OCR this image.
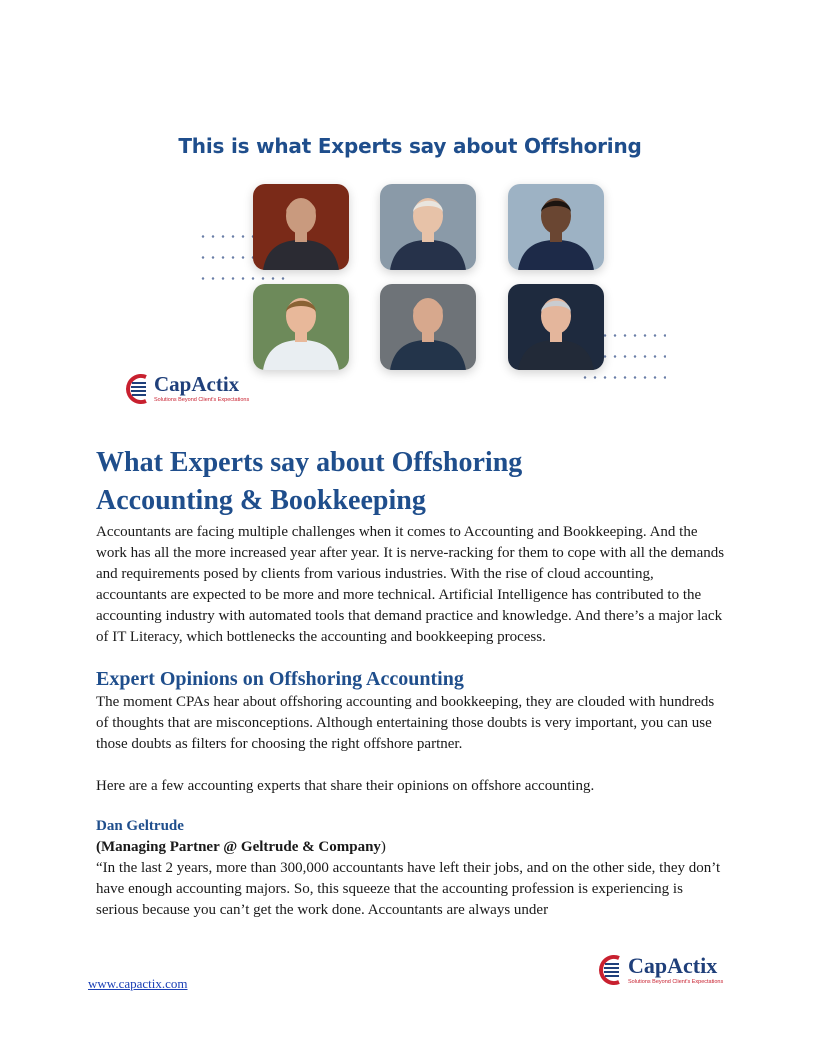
This is what Experts say about Offshoring
CapActix
Solutions Beyond Client's Expectations
What Experts say about Offshoring
Accounting & Bookkeeping

Accountants are facing multiple challenges when it comes to Accounting and Bookkeeping. And the work has all the more increased year after year. It is nerve-racking for them to cope with all the demands and requirements posed by clients from various industries. With the rise of cloud accounting, accountants are expected to be more and more technical. Artificial Intelligence has contributed to the accounting industry with automated tools that demand practice and knowledge. And there’s a major lack of IT Literacy, which bottlenecks the accounting and bookkeeping process.

Expert Opinions on Offshoring Accounting

The moment CPAs hear about offshoring accounting and bookkeeping, they are clouded with hundreds of thoughts that are misconceptions. Although entertaining those doubts is very important, you can use those doubts as filters for choosing the right offshore partner.

Here are a few accounting experts that share their opinions on offshore accounting.

Dan Geltrude

(Managing Partner @ Geltrude & Company)

“In the last 2 years, more than 300,000 accountants have left their jobs, and on the other side, they don’t have enough accounting majors. So, this squeeze that the accounting profession is experiencing is serious because you can’t get the work done. Accountants are always under

www.capactix.com
CapActix
Solutions Beyond Client's Expectations
